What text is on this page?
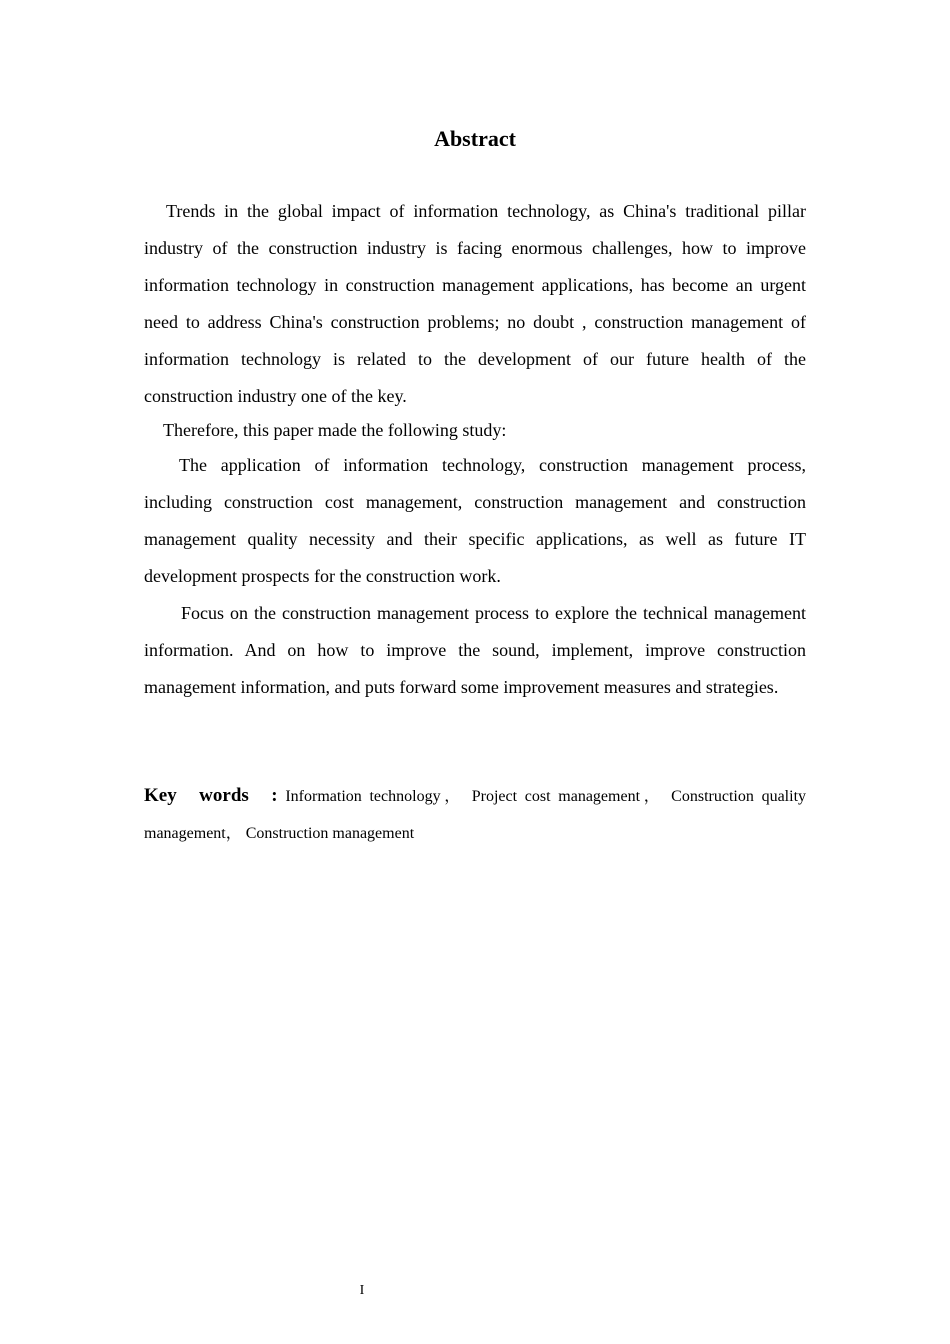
Abstract

Trends in the global impact of information technology, as China's traditional pillar industry of the construction industry is facing enormous challenges, how to improve information technology in construction management applications, has become an urgent need to address China's construction problems; no doubt , construction management of information technology is related to the development of our future health of the construction industry one of the key.

Therefore, this paper made the following study:

The application of information technology, construction management process, including construction cost management, construction management and construction management quality necessity and their specific applications, as well as future IT development prospects for the construction work.

Focus on the construction management process to explore the technical management information. And on how to improve the sound, implement, improve construction management information, and puts forward some improvement measures and strategies.

Key words : Information technology， Project cost management， Construction quality management， Construction management
I
